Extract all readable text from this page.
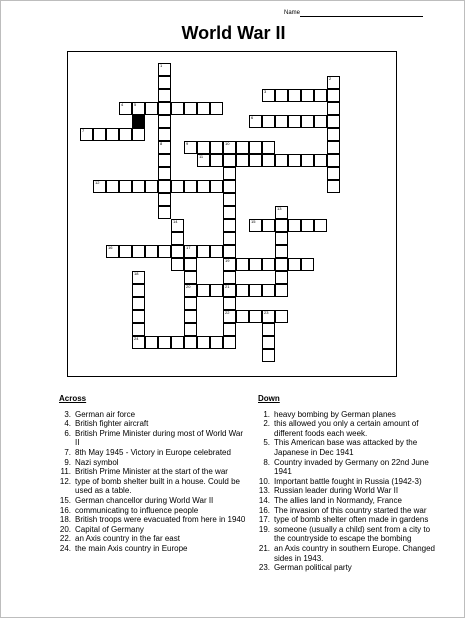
Name
World War II
Across
3. German air force
4. British fighter aircraft
6. British Prime Minister during most of World War II
7. 8th May 1945 - Victory in Europe celebrated
9. Nazi symbol
11. British Prime Minister at the start of the war
12. type of bomb shelter built in a house. Could be used as a table.
15. German chancellor during World War II
16. communicating to influence people
18. British troops were evacuated from here in 1940
20. Capital of Germany
22. an Axis country in the far east
24. the main Axis country in Europe
Down
1. heavy bombing by German planes
2. this allowed you only a certain amount of different foods each week.
5. This American base was attacked by the Japanese in Dec 1941
8. Country invaded by Germany on 22nd June 1941
10. Important battle fought in Russia (1942-3)
13. Russian leader during World War II
14. The allies land in Normandy, France
16. The invasion of this country started the war
17. type of bomb shelter often made in gardens
19. someone (usually a child) sent from a city to the countryside to escape the bombing
21. an Axis country in southern Europe. Changed sides in 1943.
23. German political party
1
8
2
3
4	5
6
7
9	10
19
21
22
11
12
13
14	15
16	17
20
18
23
24
